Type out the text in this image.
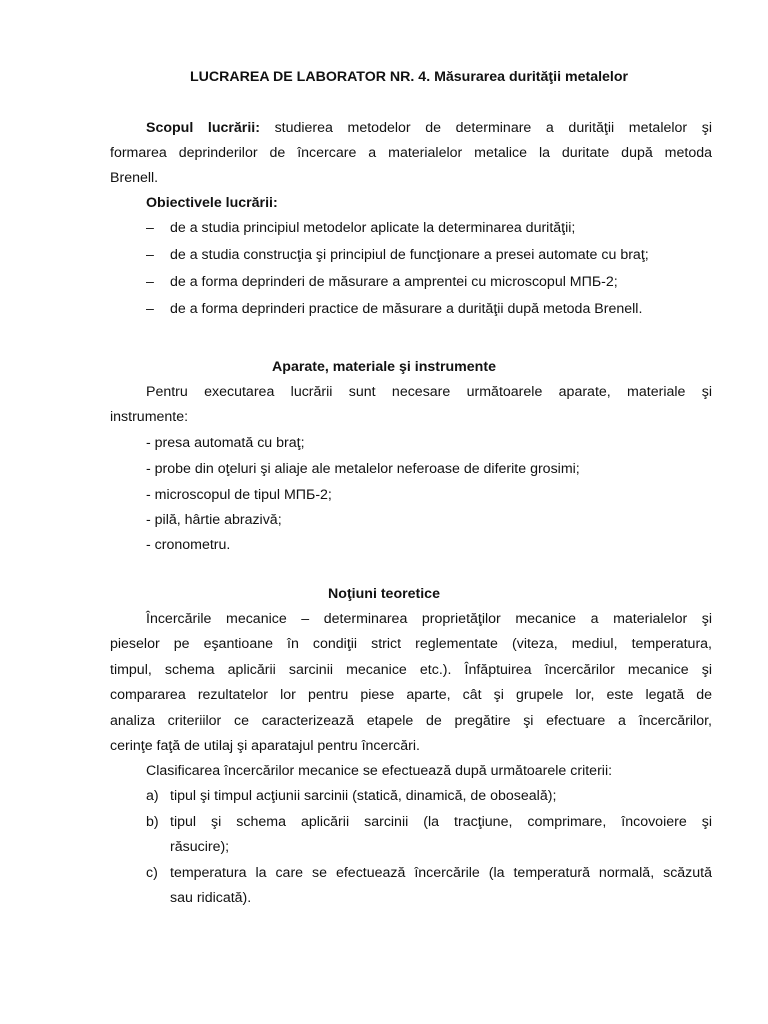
LUCRAREA DE LABORATOR NR. 4. Măsurarea durităţii metalelor
Scopul lucrării: studierea metodelor de determinare a durităţii metalelor şi
formarea deprinderilor de încercare a materialelor metalice la duritate după metoda
Brenell.
Obiectivele lucrării:
– de a studia principiul metodelor aplicate la determinarea durităţii;
– de a studia construcţia şi principiul de funcţionare a presei automate cu braţ;
– de a forma deprinderi de măsurare a amprentei cu microscopul МПБ-2;
– de a forma deprinderi practice de măsurare a durităţii după metoda Brenell.
Aparate, materiale şi instrumente
Pentru executarea lucrării sunt necesare următoarele aparate, materiale şi
instrumente:
- presa automată cu braţ;
- probe din oţeluri şi aliaje ale metalelor neferoase de diferite grosimi;
- microscopul de tipul МПБ-2;
- pilă, hârtie abrazivă;
- cronometru.
Noţiuni teoretice
Încercările mecanice – determinarea proprietăţilor mecanice a materialelor şi
pieselor pe eşantioane în condiţii strict reglementate (viteza, mediul, temperatura,
timpul, schema aplicării sarcinii mecanice etc.). Înfăptuirea încercărilor mecanice şi
compararea rezultatelor lor pentru piese aparte, cât şi grupele lor, este legată de
analiza criteriilor ce caracterizează etapele de pregătire şi efectuare a încercărilor,
cerinţe faţă de utilaj şi aparatajul pentru încercări.
Clasificarea încercărilor mecanice se efectuează după următoarele criterii:
a) tipul şi timpul acţiunii sarcinii (statică, dinamică, de oboseală);
b) tipul şi schema aplicării sarcinii (la tracţiune, comprimare, încovoiere şi
răsucire);
c) temperatura la care se efectuează încercările (la temperatură normală, scăzută
sau ridicată).
